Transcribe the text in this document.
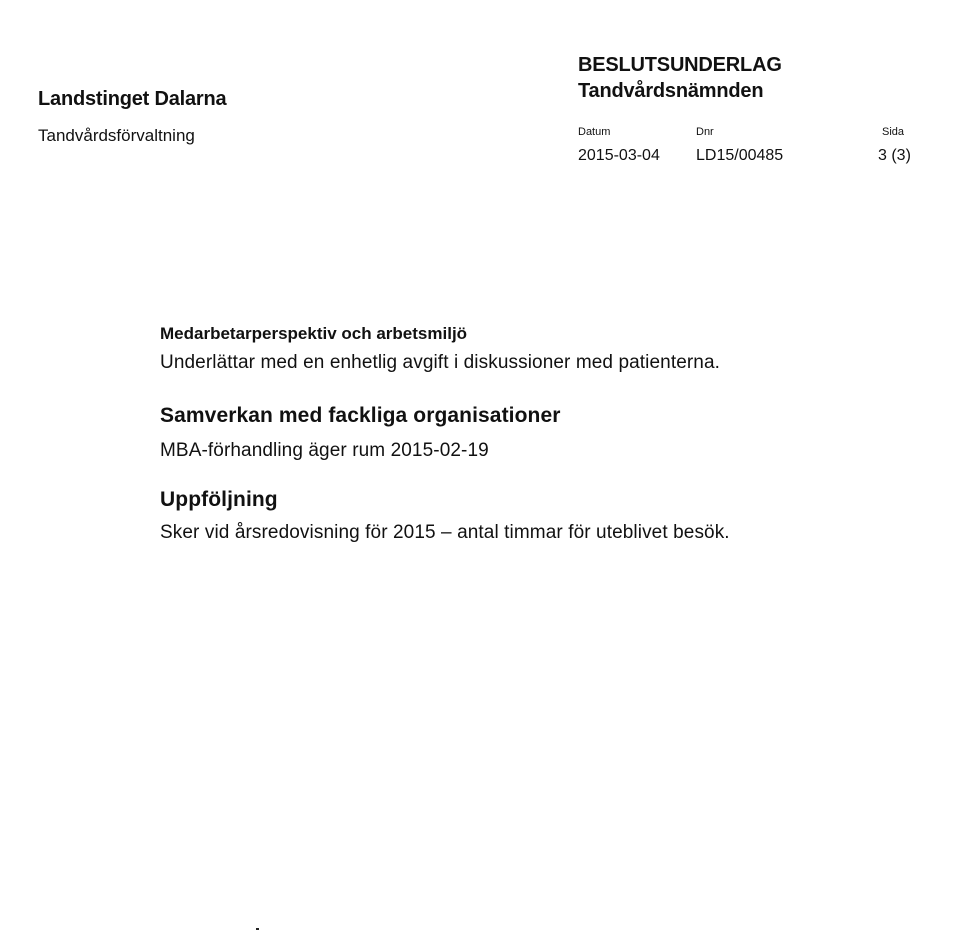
Landstinget Dalarna
Tandvårdsförvaltning
BESLUTSUNDERLAG
Tandvårdsnämnden
Datum	Dnr	Sida
2015-03-04 LD15/00485	3 (3)
Medarbetarperspektiv och arbetsmiljö
Underlättar med en enhetlig avgift i diskussioner med patienterna.
Samverkan med fackliga organisationer
MBA-förhandling äger rum 2015-02-19
Uppföljning
Sker vid årsredovisning för 2015 – antal timmar för uteblivet besök.
